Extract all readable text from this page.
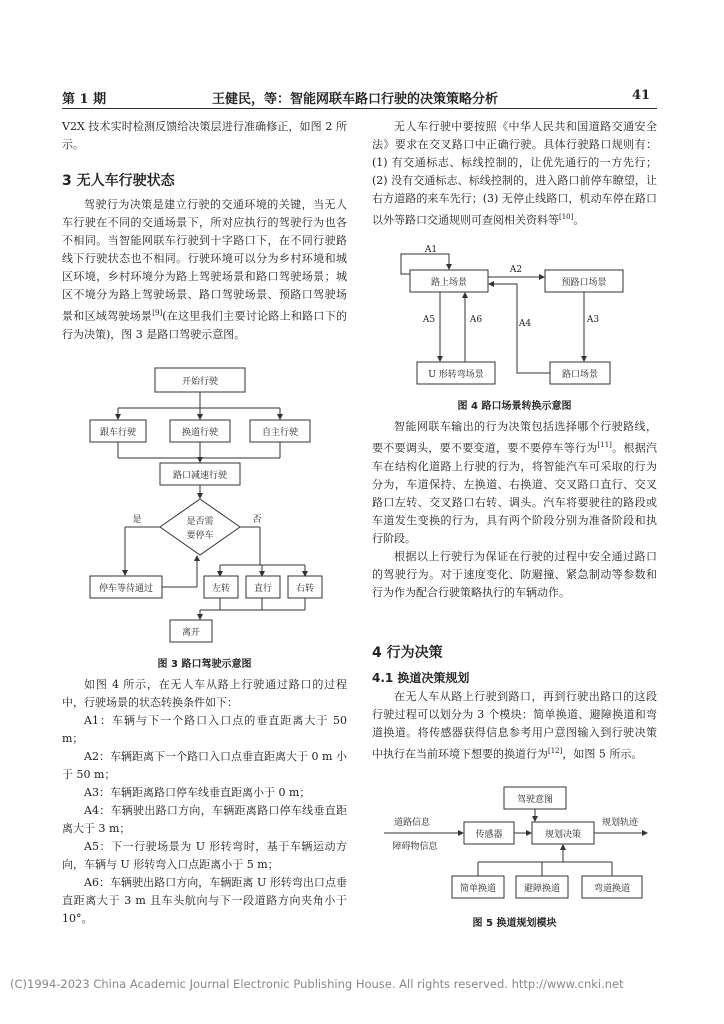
第 1 期	王健民，等：智能网联车路口行驶的决策策略分析	41

V2X 技术实时检测反馈给决策层进行准确修正，如图 2 所示。

3 无人车行驶状态

驾驶行为决策是建立行驶的交通环境的关键，当无人车行驶在不同的交通场景下，所对应执行的驾驶行为也各不相同。当智能网联车行驶到十字路口下，在不同行驶路线下行驶状态也不相同。行驶环境可以分为乡村环境和城区环境，乡村环境分为路上驾驶场景和路口驾驶场景；城区不境分为路上驾驶场景、路口驾驶场景、预路口驾驶场景和区域驾驶场景[9](在这里我们主要讨论路上和路口下的行为决策)，图 3 是路口驾驶示意图。

开始行驶
跟车行驶	换道行驶	自主行驶
路口减速行驶
是否需
要停车
是	否
停车等待通过	左转	直行	右转
离开
图 3 路口驾驶示意图

如图 4 所示，在无人车从路上行驶通过路口的过程中，行驶场景的状态转换条件如下：

A1：车辆与下一个路口入口点的垂直距离大于 50 m；

A2：车辆距离下一个路口入口点垂直距离大于 0 m 小于 50 m；

A3：车辆距离路口停车线垂直距离小于 0 m；

A4：车辆驶出路口方向，车辆距离路口停车线垂直距离大于 3 m；

A5：下一行驶场景为 U 形转弯时，基于车辆运动方向，车辆与 U 形转弯入口点距离小于 5 m；

A6：车辆驶出路口方向，车辆距离 U 形转弯出口点垂直距离大于 3 m 且车头航向与下一段道路方向夹角小于 10°。

无人车行驶中要按照《中华人民共和国道路交通安全法》要求在交叉路口中正确行驶。具体行驶路口规则有：(1) 有交通标志、标线控制的，让优先通行的一方先行；(2) 没有交通标志、标线控制的，进入路口前停车瞭望，让右方道路的来车先行；(3) 无停止线路口，机动车停在路口以外等路口交通规则可查阅相关资料等[10]。

路上场景	预路口场景
U 形转弯场景	路口场景
A1
A2
A3
A4
A5	A6
图 4 路口场景转换示意图

智能网联车输出的行为决策包括选择哪个行驶路线，要不要调头，要不要变道，要不要停车等行为[11]。根据汽车在结构化道路上行驶的行为，将智能汽车可采取的行为分为，车道保持、左换道、右换道、交叉路口直行、交叉路口左转、交叉路口右转、调头。汽车将要驶往的路段或车道发生变换的行为，具有两个阶段分别为准备阶段和执行阶段。

根据以上行驶行为保证在行驶的过程中安全通过路口的驾驶行为。对于速度变化、防避撞、紧急制动等参数和行为作为配合行驶策略执行的车辆动作。

4 行为决策
4.1 换道决策规划

在无人车从路上行驶到路口，再到行驶出路口的这段行驶过程可以划分为 3 个模块：简单换道、避障换道和弯道换道。将传感器获得信息参考用户意图输入到行驶决策中执行在当前环境下想要的换道行为[12]，如图 5 所示。

驾驶意图
道路信息
障碍物信息
传感器	规划决策
规划轨迹
简单换道	避障换道	弯道换道
图 5 换道规划模块
(C)1994-2023 China Academic Journal Electronic Publishing House. All rights reserved. http://www.cnki.net
